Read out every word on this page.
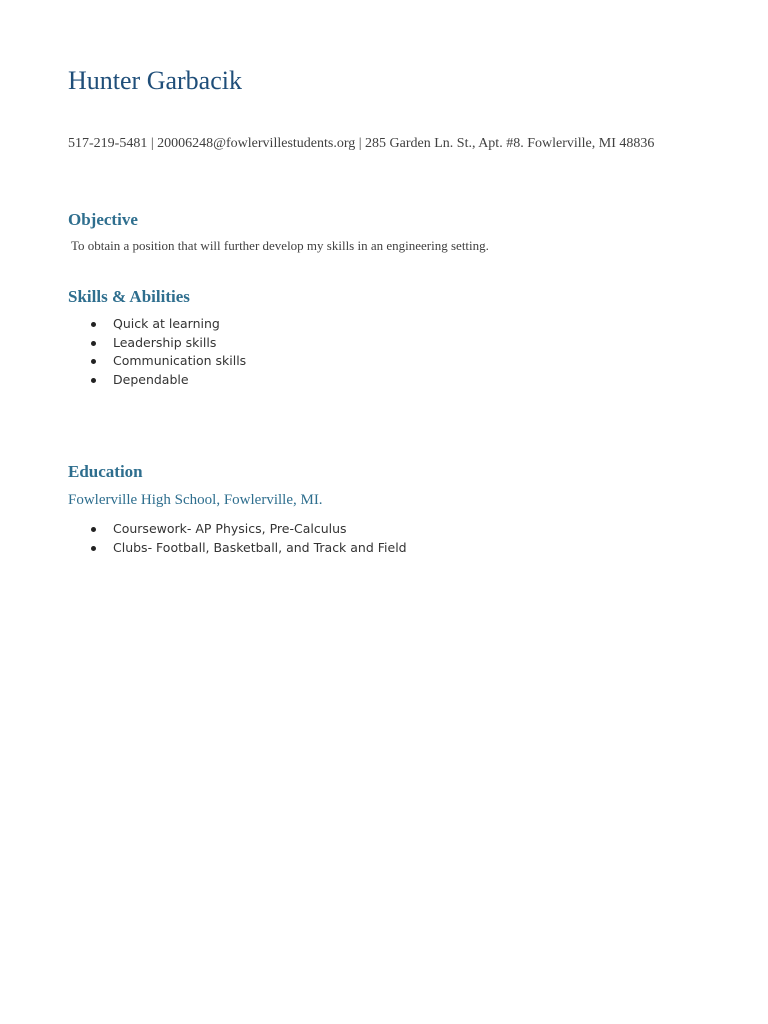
Hunter Garbacik
517-219-5481 | 20006248@fowlervillestudents.org | 285 Garden Ln. St., Apt. #8. Fowlerville, MI 48836
Objective
To obtain a position that will further develop my skills in an engineering setting.
Skills & Abilities
Quick at learning
Leadership skills
Communication skills
Dependable
Education
Fowlerville High School, Fowlerville, MI.
Coursework- AP Physics, Pre-Calculus
Clubs- Football, Basketball, and Track and Field
